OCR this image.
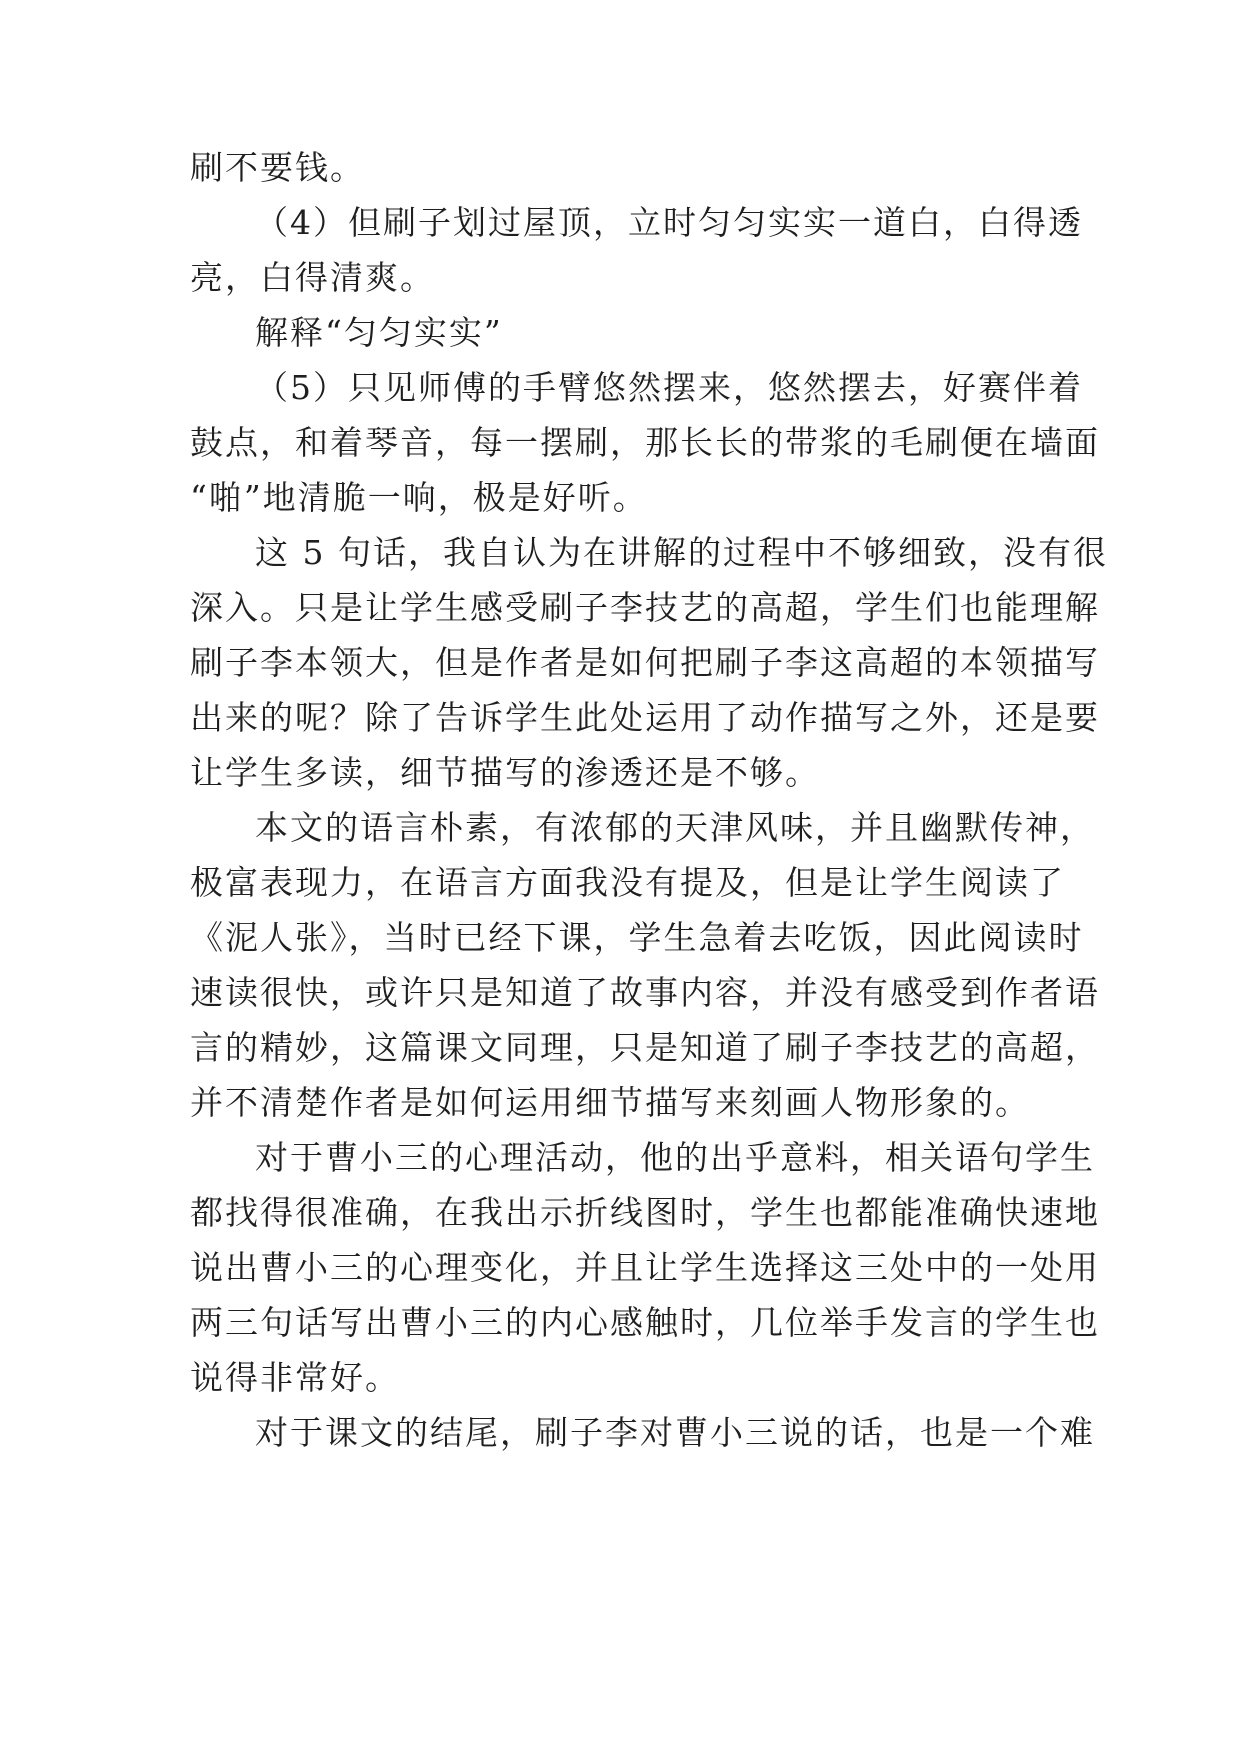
刷不要钱。
（4）但刷子划过屋顶，立时匀匀实实一道白，白得透
亮，白得清爽。
解释“匀匀实实”
（5）只见师傅的手臂悠然摆来，悠然摆去，好赛伴着
鼓点，和着琴音，每一摆刷，那长长的带浆的毛刷便在墙面
“啪”地清脆一响，极是好听。
这 5 句话，我自认为在讲解的过程中不够细致，没有很
深入。只是让学生感受刷子李技艺的高超，学生们也能理解
刷子李本领大，但是作者是如何把刷子李这高超的本领描写
出来的呢？除了告诉学生此处运用了动作描写之外，还是要
让学生多读，细节描写的渗透还是不够。
本文的语言朴素，有浓郁的天津风味，并且幽默传神，
极富表现力，在语言方面我没有提及，但是让学生阅读了
《泥人张》，当时已经下课，学生急着去吃饭，因此阅读时
速读很快，或许只是知道了故事内容，并没有感受到作者语
言的精妙，这篇课文同理，只是知道了刷子李技艺的高超，
并不清楚作者是如何运用细节描写来刻画人物形象的。
对于曹小三的心理活动，他的出乎意料，相关语句学生
都找得很准确，在我出示折线图时，学生也都能准确快速地
说出曹小三的心理变化，并且让学生选择这三处中的一处用
两三句话写出曹小三的内心感触时，几位举手发言的学生也
说得非常好。
对于课文的结尾，刷子李对曹小三说的话，也是一个难
